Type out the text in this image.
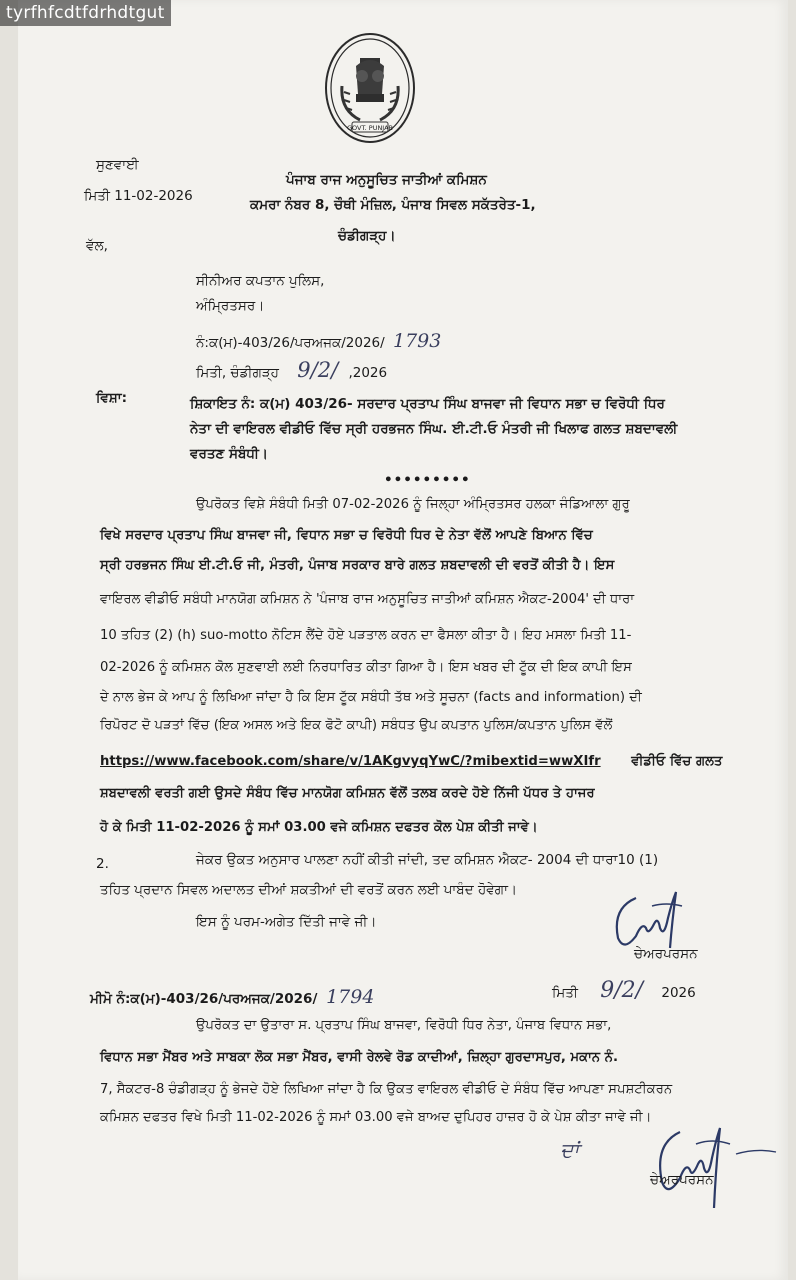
tyrfhfcdtfdrhdtgut
GOVT. PUNJAB
ਸੁਣਵਾਈ
ਮਿਤੀ 11-02-2026
ਪੰਜਾਬ ਰਾਜ ਅਨੁਸੂਚਿਤ ਜਾਤੀਆਂ ਕਮਿਸ਼ਨ
ਕਮਰਾ ਨੰਬਰ 8, ਚੌਥੀ ਮੰਜ਼ਿਲ, ਪੰਜਾਬ ਸਿਵਲ ਸਕੱਤਰੇਤ-1,
ਚੰਡੀਗੜ੍ਹ।
ਵੱਲ,
ਸੀਨੀਅਰ ਕਪਤਾਨ ਪੁਲਿਸ,
ਅੰਮ੍ਰਿਤਸਰ।
ਨੰ:ਕ(ਮ)-403/26/ਪਰਅਜਕ/2026/ 1793
ਮਿਤੀ, ਚੰਡੀਗੜ੍ਹ 9/2/ ,2026
ਵਿਸ਼ਾ:	ਸ਼ਿਕਾਇਤ ਨੰ: ਕ(ਮ) 403/26- ਸਰਦਾਰ ਪ੍ਰਤਾਪ ਸਿੰਘ ਬਾਜਵਾ ਜੀ ਵਿਧਾਨ ਸਭਾ ਚ ਵਿਰੋਧੀ ਧਿਰ
ਨੇਤਾ ਦੀ ਵਾਇਰਲ ਵੀਡੀਓ ਵਿੱਚ ਸ੍ਰੀ ਹਰਭਜਨ ਸਿੰਘ. ਈ.ਟੀ.ਓ ਮੰਤਰੀ ਜੀ ਖਿਲਾਫ ਗਲਤ ਸ਼ਬਦਾਵਲੀ
ਵਰਤਣ ਸੰਬੰਧੀ।
•••••••••
ਉਪਰੋਕਤ ਵਿਸ਼ੇ ਸੰਬੰਧੀ ਮਿਤੀ 07-02-2026 ਨੂੰ ਜਿਲ੍ਹਾ ਅੰਮ੍ਰਿਤਸਰ ਹਲਕਾ ਜੰਡਿਆਲਾ ਗੁਰੂ
ਵਿਖੇ ਸਰਦਾਰ ਪ੍ਰਤਾਪ ਸਿੰਘ ਬਾਜਵਾ ਜੀ, ਵਿਧਾਨ ਸਭਾ ਚ ਵਿਰੋਧੀ ਧਿਰ ਦੇ ਨੇਤਾ ਵੱਲੋਂ ਆਪਣੇ ਬਿਆਨ ਵਿੱਚ
ਸ੍ਰੀ ਹਰਭਜਨ ਸਿੰਘ ਈ.ਟੀ.ਓ ਜੀ, ਮੰਤਰੀ, ਪੰਜਾਬ ਸਰਕਾਰ ਬਾਰੇ ਗਲਤ ਸ਼ਬਦਾਵਲੀ ਦੀ ਵਰਤੋਂ ਕੀਤੀ ਹੈ। ਇਸ
ਵਾਇਰਲ ਵੀਡੀਓ ਸਬੰਧੀ ਮਾਨਯੋਗ ਕਮਿਸ਼ਨ ਨੇ 'ਪੰਜਾਬ ਰਾਜ ਅਨੁਸੂਚਿਤ ਜਾਤੀਆਂ ਕਮਿਸ਼ਨ ਐਕਟ-2004' ਦੀ ਧਾਰਾ
10 ਤਹਿਤ (2) (h) suo-motto ਨੋਟਿਸ ਲੈਂਦੇ ਹੋਏ ਪੜਤਾਲ ਕਰਨ ਦਾ ਫੈਸਲਾ ਕੀਤਾ ਹੈ। ਇਹ ਮਸਲਾ ਮਿਤੀ 11-
02-2026 ਨੂੰ ਕਮਿਸ਼ਨ ਕੋਲ ਸੁਣਵਾਈ ਲਈ ਨਿਰਧਾਰਿਤ ਕੀਤਾ ਗਿਆ ਹੈ। ਇਸ ਖਬਰ ਦੀ ਟੂੱਕ ਦੀ ਇਕ ਕਾਪੀ ਇਸ
ਦੇ ਨਾਲ ਭੇਜ ਕੇ ਆਪ ਨੂੰ ਲਿਖਿਆ ਜਾਂਦਾ ਹੈ ਕਿ ਇਸ ਟੂੱਕ ਸਬੰਧੀ ਤੱਥ ਅਤੇ ਸੂਚਨਾ (facts and information) ਦੀ
ਰਿਪੋਰਟ ਦੋ ਪੜਤਾਂ ਵਿੱਚ (ਇਕ ਅਸਲ ਅਤੇ ਇਕ ਫੋਟੋ ਕਾਪੀ) ਸਬੰਧਤ ਉਪ ਕਪਤਾਨ ਪੁਲਿਸ/ਕਪਤਾਨ ਪੁਲਿਸ ਵੱਲੋਂ
https://www.facebook.com/share/v/1AKgvyqYwC/?mibextid=wwXIfr ਵੀਡੀਓ ਵਿੱਚ ਗਲਤ
ਸ਼ਬਦਾਵਲੀ ਵਰਤੀ ਗਈ ਉਸਦੇ ਸੰਬੰਧ ਵਿੱਚ ਮਾਨਯੋਗ ਕਮਿਸ਼ਨ ਵੱਲੋਂ ਤਲਬ ਕਰਦੇ ਹੋਏ ਨਿੱਜੀ ਪੱਧਰ ਤੇ ਹਾਜਰ
ਹੋ ਕੇ ਮਿਤੀ 11-02-2026 ਨੂੰ ਸਮਾਂ 03.00 ਵਜੇ ਕਮਿਸ਼ਨ ਦਫਤਰ ਕੋਲ ਪੇਸ਼ ਕੀਤੀ ਜਾਵੇ।
2.	ਜੇਕਰ ਉਕਤ ਅਨੁਸਾਰ ਪਾਲਣਾ ਨਹੀਂ ਕੀਤੀ ਜਾਂਦੀ, ਤਦ ਕਮਿਸ਼ਨ ਐਕਟ- 2004 ਦੀ ਧਾਰਾ10 (1)
ਤਹਿਤ ਪ੍ਰਦਾਨ ਸਿਵਲ ਅਦਾਲਤ ਦੀਆਂ ਸ਼ਕਤੀਆਂ ਦੀ ਵਰਤੋਂ ਕਰਨ ਲਈ ਪਾਬੰਦ ਹੋਵੇਗਾ।
ਇਸ ਨੂੰ ਪਰਮ-ਅਗੇਤ ਦਿੱਤੀ ਜਾਵੇ ਜੀ।
ਚੇਅਰਪਰਸਨ
ਮੀਮੋ ਨੰ:ਕ(ਮ)-403/26/ਪਰਅਜਕ/2026/ 1794	ਮਿਤੀ 9/2/ 2026
ਉਪਰੋਕਤ ਦਾ ਉਤਾਰਾ ਸ. ਪ੍ਰਤਾਪ ਸਿੰਘ ਬਾਜਵਾ, ਵਿਰੋਧੀ ਧਿਰ ਨੇਤਾ, ਪੰਜਾਬ ਵਿਧਾਨ ਸਭਾ,
ਵਿਧਾਨ ਸਭਾ ਮੈਂਬਰ ਅਤੇ ਸਾਬਕਾ ਲੋਕ ਸਭਾ ਮੈਂਬਰ, ਵਾਸੀ ਰੇਲਵੇ ਰੋਡ ਕਾਦੀਆਂ, ਜ਼ਿਲ੍ਹਾ ਗੁਰਦਾਸਪੁਰ, ਮਕਾਨ ਨੰ.
7, ਸੈਕਟਰ-8 ਚੰਡੀਗੜ੍ਹ ਨੂੰ ਭੇਜਦੇ ਹੋਏ ਲਿਖਿਆ ਜਾਂਦਾ ਹੈ ਕਿ ਉਕਤ ਵਾਇਰਲ ਵੀਡੀਓ ਦੇ ਸੰਬੰਧ ਵਿੱਚ ਆਪਣਾ ਸਪਸ਼ਟੀਕਰਨ
ਕਮਿਸ਼ਨ ਦਫਤਰ ਵਿਖੇ ਮਿਤੀ 11-02-2026 ਨੂੰ ਸਮਾਂ 03.00 ਵਜੇ ਬਾਅਦ ਦੁਪਿਹਰ ਹਾਜ਼ਰ ਹੋ ਕੇ ਪੇਸ਼ ਕੀਤਾ ਜਾਵੇ ਜੀ।
ਦਾਂ
ਚੇਅਰਪਰਸਨ
